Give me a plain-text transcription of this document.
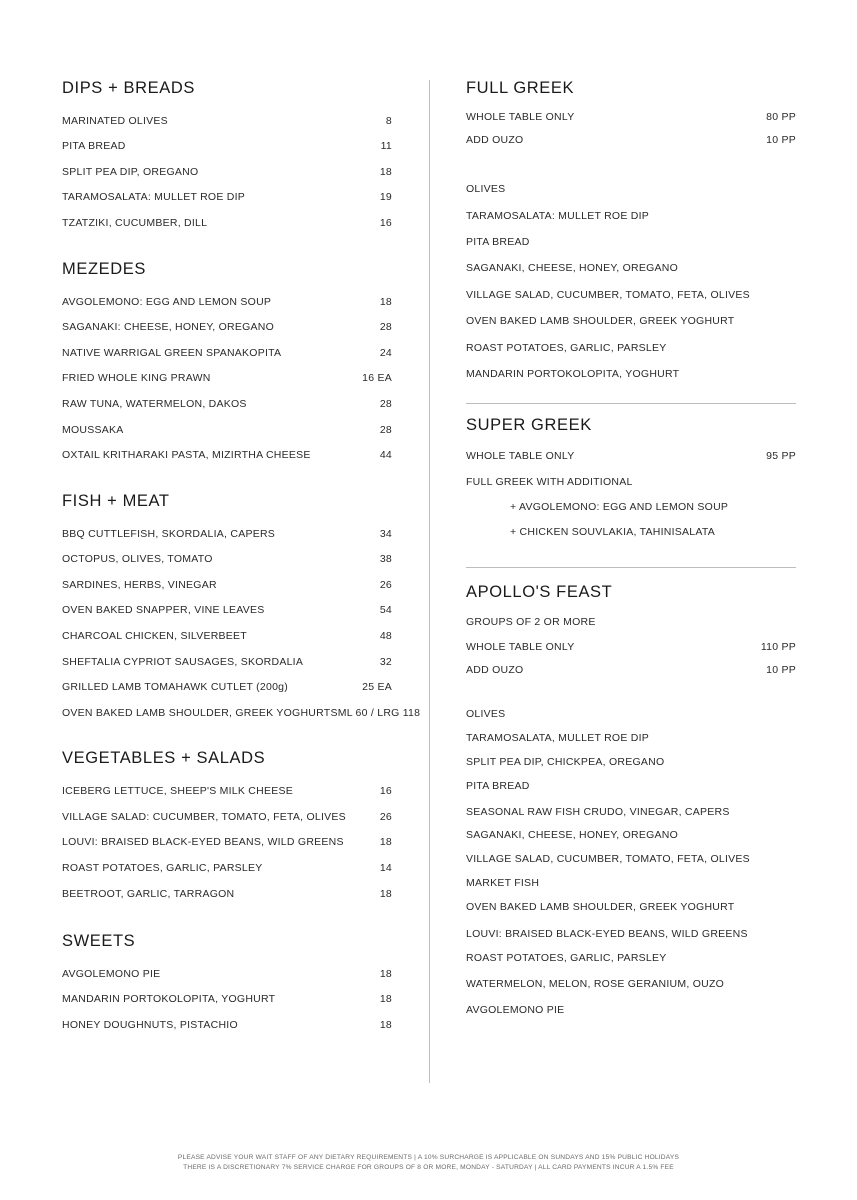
DIPS + BREADS
MARINATED OLIVES	8
PITA BREAD	11
SPLIT PEA DIP, OREGANO	18
TARAMOSALATA: MULLET ROE DIP	19
TZATZIKI, CUCUMBER, DILL	16
MEZEDES
AVGOLEMONO: EGG AND LEMON SOUP	18
SAGANAKI: CHEESE, HONEY, OREGANO	28
NATIVE WARRIGAL GREEN SPANAKOPITA	24
FRIED WHOLE KING PRAWN	16 EA
RAW TUNA, WATERMELON, DAKOS	28
MOUSSAKA	28
OXTAIL KRITHARAKI PASTA, MIZIRTHA CHEESE	44
FISH + MEAT
BBQ CUTTLEFISH, SKORDALIA, CAPERS	34
OCTOPUS, OLIVES, TOMATO	38
SARDINES, HERBS, VINEGAR	26
OVEN BAKED SNAPPER, VINE LEAVES	54
CHARCOAL CHICKEN, SILVERBEET	48
SHEFTALIA CYPRIOT SAUSAGES, SKORDALIA	32
GRILLED LAMB TOMAHAWK CUTLET (200g)	25 EA
OVEN BAKED LAMB SHOULDER, GREEK YOGHURT SML 60 / LRG 118
VEGETABLES + SALADS
ICEBERG LETTUCE, SHEEP'S MILK CHEESE	16
VILLAGE SALAD: CUCUMBER, TOMATO, FETA, OLIVES	26
LOUVI: BRAISED BLACK-EYED BEANS, WILD GREENS	18
ROAST POTATOES, GARLIC, PARSLEY	14
BEETROOT, GARLIC, TARRAGON	18
SWEETS
AVGOLEMONO PIE	18
MANDARIN PORTOKOLOPITA, YOGHURT	18
HONEY DOUGHNUTS, PISTACHIO	18
FULL GREEK
WHOLE TABLE ONLY	80 PP
ADD OUZO	10 PP
OLIVES
TARAMOSALATA: MULLET ROE DIP
PITA BREAD
SAGANAKI, CHEESE, HONEY, OREGANO
VILLAGE SALAD, CUCUMBER, TOMATO, FETA, OLIVES
OVEN BAKED LAMB SHOULDER, GREEK YOGHURT
ROAST POTATOES, GARLIC, PARSLEY
MANDARIN PORTOKOLOPITA, YOGHURT
SUPER GREEK
WHOLE TABLE ONLY	95 PP
FULL GREEK WITH ADDITIONAL
+ AVGOLEMONO: EGG AND LEMON SOUP
+ CHICKEN SOUVLAKIA, TAHINISALATA
APOLLO'S FEAST
GROUPS OF 2 OR MORE
WHOLE TABLE ONLY	110 PP
ADD OUZO	10 PP
OLIVES
TARAMOSALATA, MULLET ROE DIP
SPLIT PEA DIP, CHICKPEA, OREGANO
PITA BREAD
SEASONAL RAW FISH CRUDO, VINEGAR, CAPERS
SAGANAKI, CHEESE, HONEY, OREGANO
VILLAGE SALAD, CUCUMBER, TOMATO, FETA, OLIVES
MARKET FISH
OVEN BAKED LAMB SHOULDER, GREEK YOGHURT
LOUVI: BRAISED BLACK-EYED BEANS, WILD GREENS
ROAST POTATOES, GARLIC, PARSLEY
WATERMELON, MELON, ROSE GERANIUM, OUZO
AVGOLEMONO PIE
PLEASE ADVISE YOUR WAIT STAFF OF ANY DIETARY REQUIREMENTS | A 10% SURCHARGE IS APPLICABLE ON SUNDAYS AND 15% PUBLIC HOLIDAYS
THERE IS A DISCRETIONARY 7% SERVICE CHARGE FOR GROUPS OF 8 OR MORE, MONDAY - SATURDAY | ALL CARD PAYMENTS INCUR A 1.5% FEE
